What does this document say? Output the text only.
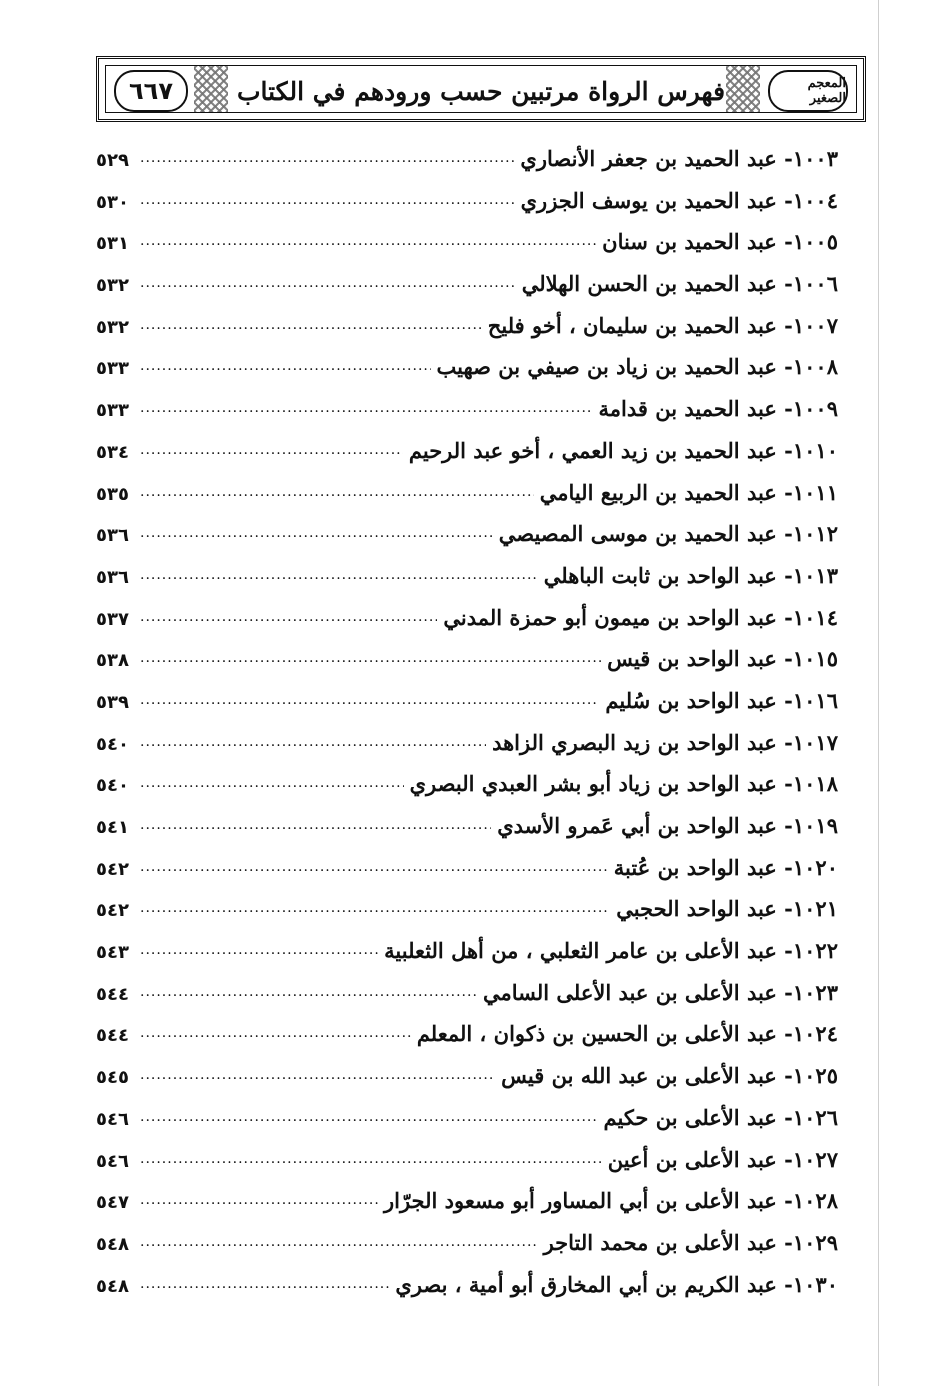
٦٦٧	فهرس الرواة مرتبين حسب ورودهم في الكتاب	المعجم الصغير
١٠٠٣- عبد الحميد بن جعفر الأنصاري
.....
٥٢٩
١٠٠٤- عبد الحميد بن يوسف الجزري
.....
٥٣٠
١٠٠٥- عبد الحميد بن سنان
.....
٥٣١
١٠٠٦- عبد الحميد بن الحسن الهلالي
.....
٥٣٢
١٠٠٧- عبد الحميد بن سليمان ، أخو فليح
.....
٥٣٢
١٠٠٨- عبد الحميد بن زياد بن صيفي بن صهيب
.....
٥٣٣
١٠٠٩- عبد الحميد بن قدامة
.....
٥٣٣
١٠١٠- عبد الحميد بن زيد العمي ، أخو عبد الرحيم
.....
٥٣٤
١٠١١- عبد الحميد بن الربيع اليامي
.....
٥٣٥
١٠١٢- عبد الحميد بن موسى المصيصي
.....
٥٣٦
١٠١٣- عبد الواحد بن ثابت الباهلي
.....
٥٣٦
١٠١٤- عبد الواحد بن ميمون أبو حمزة المدني
.....
٥٣٧
١٠١٥- عبد الواحد بن قيس
.....
٥٣٨
١٠١٦- عبد الواحد بن سُليم
.....
٥٣٩
١٠١٧- عبد الواحد بن زيد البصري الزاهد
.....
٥٤٠
١٠١٨- عبد الواحد بن زياد أبو بشر العبدي البصري
.....
٥٤٠
١٠١٩- عبد الواحد بن أبي عَمرو الأسدي
.....
٥٤١
١٠٢٠- عبد الواحد بن عُتبة
.....
٥٤٢
١٠٢١- عبد الواحد الحجبي
.....
٥٤٢
١٠٢٢- عبد الأعلى بن عامر الثعلبي ، من أهل الثعلبية
.....
٥٤٣
١٠٢٣- عبد الأعلى بن عبد الأعلى السامي
.....
٥٤٤
١٠٢٤- عبد الأعلى بن الحسين بن ذكوان ، المعلم
.....
٥٤٤
١٠٢٥- عبد الأعلى بن عبد الله بن قيس
.....
٥٤٥
١٠٢٦- عبد الأعلى بن حكيم
.....
٥٤٦
١٠٢٧- عبد الأعلى بن أعين
.....
٥٤٦
١٠٢٨- عبد الأعلى بن أبي المساور أبو مسعود الجرّار
.....
٥٤٧
١٠٢٩- عبد الأعلى بن محمد التاجر
.....
٥٤٨
١٠٣٠- عبد الكريم بن أبي المخارق أبو أمية ، بصري
.....
٥٤٨
